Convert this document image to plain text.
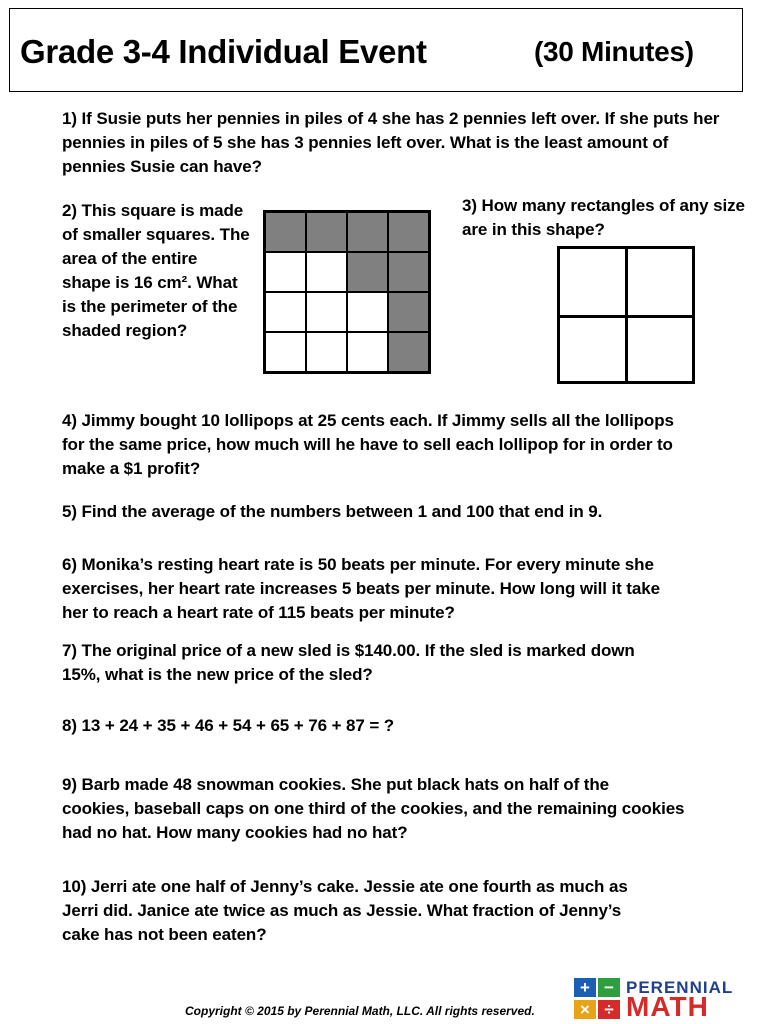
Grade 3-4 Individual Event	(30 Minutes)
1) If Susie puts her pennies in piles of 4 she has 2 pennies left over. If she puts her
pennies in piles of 5 she has 3 pennies left over. What is the least amount of
pennies Susie can have?
2) This square is made
of smaller squares. The
area of the entire
shape is 16 cm². What
is the perimeter of the
shaded region?
3) How many rectangles of any size
are in this shape?
4) Jimmy bought 10 lollipops at 25 cents each. If Jimmy sells all the lollipops
for the same price, how much will he have to sell each lollipop for in order to
make a $1 profit?
5) Find the average of the numbers between 1 and 100 that end in 9.
6) Monika’s resting heart rate is 50 beats per minute. For every minute she
exercises, her heart rate increases 5 beats per minute. How long will it take
her to reach a heart rate of 115 beats per minute?
7) The original price of a new sled is $140.00. If the sled is marked down
15%, what is the new price of the sled?
8) 13 + 24 + 35 + 46 + 54 + 65 + 76 + 87 = ?
9) Barb made 48 snowman cookies. She put black hats on half of the
cookies, baseball caps on one third of the cookies, and the remaining cookies
had no hat. How many cookies had no hat?
10) Jerri ate one half of Jenny’s cake. Jessie ate one fourth as much as
Jerri did. Janice ate twice as much as Jessie. What fraction of Jenny’s
cake has not been eaten?
Copyright © 2015 by Perennial Math, LLC. All rights reserved.
+ −
× ÷
PERENNIAL
MATH
